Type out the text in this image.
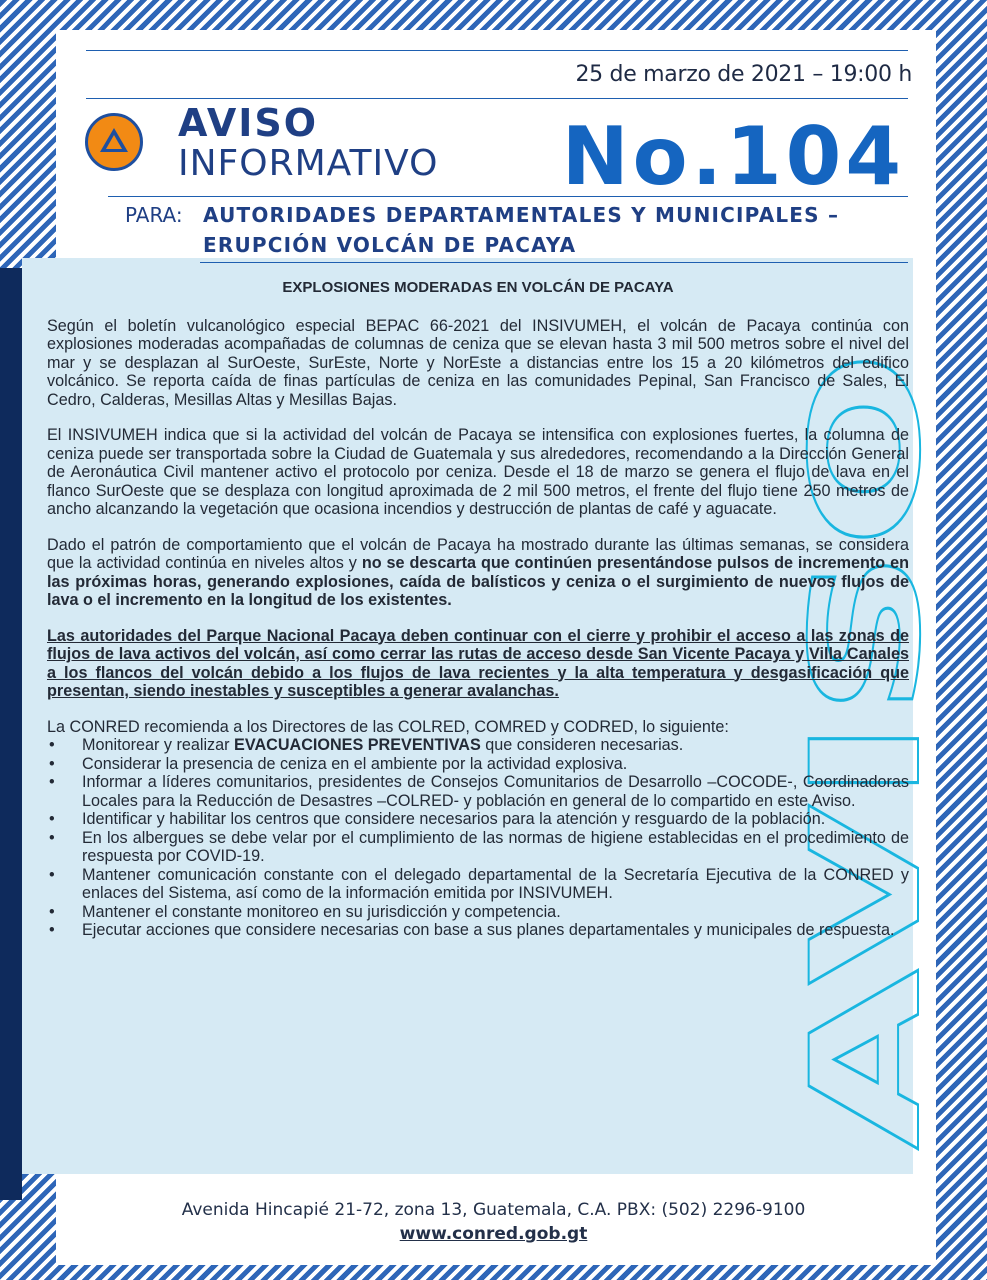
25 de marzo de 2021 – 19:00 h
AVISO
INFORMATIVO No.104
PARA: AUTORIDADES DEPARTAMENTALES Y MUNICIPALES –
ERUPCIÓN VOLCÁN DE PACAYA
AVISO
EXPLOSIONES MODERADAS EN VOLCÁN DE PACAYA

Según el boletín vulcanológico especial BEPAC 66-2021 del INSIVUMEH, el volcán de Pacaya continúa con explosiones moderadas acompañadas de columnas de ceniza que se elevan hasta 3 mil 500 metros sobre el nivel del mar y se desplazan al SurOeste, SurEste, Norte y NorEste a distancias entre los 15 a 20 kilómetros del edifico volcánico. Se reporta caída de finas partículas de ceniza en las comunidades Pepinal, San Francisco de Sales, El Cedro, Calderas, Mesillas Altas y Mesillas Bajas.

El INSIVUMEH indica que si la actividad del volcán de Pacaya se intensifica con explosiones fuertes, la columna de ceniza puede ser transportada sobre la Ciudad de Guatemala y sus alrededores, recomendando a la Dirección General de Aeronáutica Civil mantener activo el protocolo por ceniza. Desde el 18 de marzo se genera el flujo de lava en el flanco SurOeste que se desplaza con longitud aproximada de 2 mil 500 metros, el frente del flujo tiene 250 metros de ancho alcanzando la vegetación que ocasiona incendios y destrucción de plantas de café y aguacate.

Dado el patrón de comportamiento que el volcán de Pacaya ha mostrado durante las últimas semanas, se considera que la actividad continúa en niveles altos y no se descarta que continúen presentándose pulsos de incremento en las próximas horas, generando explosiones, caída de balísticos y ceniza o el surgimiento de nuevos flujos de lava o el incremento en la longitud de los existentes.

Las autoridades del Parque Nacional Pacaya deben continuar con el cierre y prohibir el acceso a las zonas de flujos de lava activos del volcán, así como cerrar las rutas de acceso desde San Vicente Pacaya y Villa Canales a los flancos del volcán debido a los flujos de lava recientes y la alta temperatura y desgasificación que presentan, siendo inestables y susceptibles a generar avalanchas.

La CONRED recomienda a los Directores de las COLRED, COMRED y CODRED, lo siguiente:
• Monitorear y realizar EVACUACIONES PREVENTIVAS que consideren necesarias.
• Considerar la presencia de ceniza en el ambiente por la actividad explosiva.
• Informar a líderes comunitarios, presidentes de Consejos Comunitarios de Desarrollo –COCODE-, Coordinadoras Locales para la Reducción de Desastres –COLRED- y población en general de lo compartido en este Aviso.
• Identificar y habilitar los centros que considere necesarios para la atención y resguardo de la población.
• En los albergues se debe velar por el cumplimiento de las normas de higiene establecidas en el procedimiento de respuesta por COVID-19.
• Mantener comunicación constante con el delegado departamental de la Secretaría Ejecutiva de la CONRED y enlaces del Sistema, así como de la información emitida por INSIVUMEH.
• Mantener el constante monitoreo en su jurisdicción y competencia.
• Ejecutar acciones que considere necesarias con base a sus planes departamentales y municipales de respuesta.
Avenida Hincapié 21-72, zona 13, Guatemala, C.A. PBX: (502) 2296-9100
www.conred.gob.gt
